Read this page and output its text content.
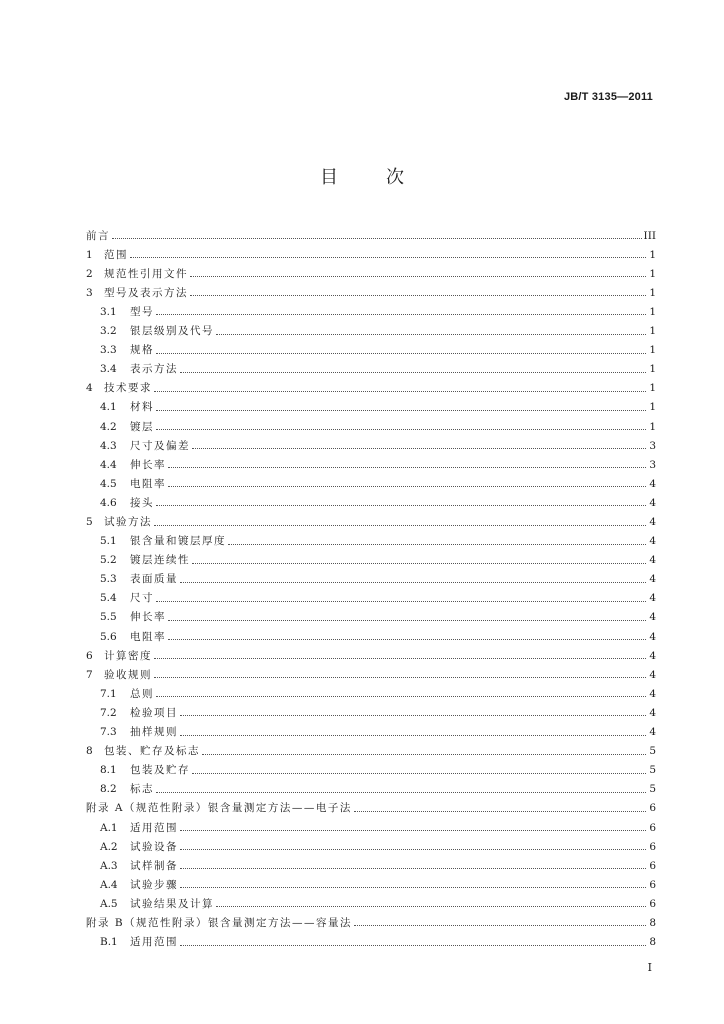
JB/T 3135—2011
目	次
前言	III
1	范围	1
2	规范性引用文件	1
3	型号及表示方法	1
3.1	型号	1
3.2	银层级别及代号	1
3.3	规格	1
3.4	表示方法	1
4	技术要求	1
4.1	材料	1
4.2	镀层	1
4.3	尺寸及偏差	3
4.4	伸长率	3
4.5	电阻率	4
4.6	接头	4
5	试验方法	4
5.1	银含量和镀层厚度	4
5.2	镀层连续性	4
5.3	表面质量	4
5.4	尺寸	4
5.5	伸长率	4
5.6	电阻率	4
6	计算密度	4
7	验收规则	4
7.1	总则	4
7.2	检验项目	4
7.3	抽样规则	4
8	包装、贮存及标志	5
8.1	包装及贮存	5
8.2	标志	5
附录 A（规范性附录）银含量测定方法——电子法	6
A.1	适用范围	6
A.2	试验设备	6
A.3	试样制备	6
A.4	试验步骤	6
A.5	试验结果及计算	6
附录 B（规范性附录）银含量测定方法——容量法	8
B.1	适用范围	8
I
